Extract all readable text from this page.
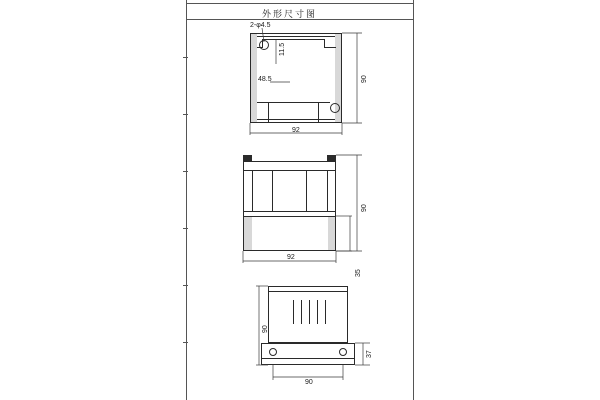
外形尺寸图
2-φ4.5
11.5
48.5
92
90
92
90
35
90
37
90
